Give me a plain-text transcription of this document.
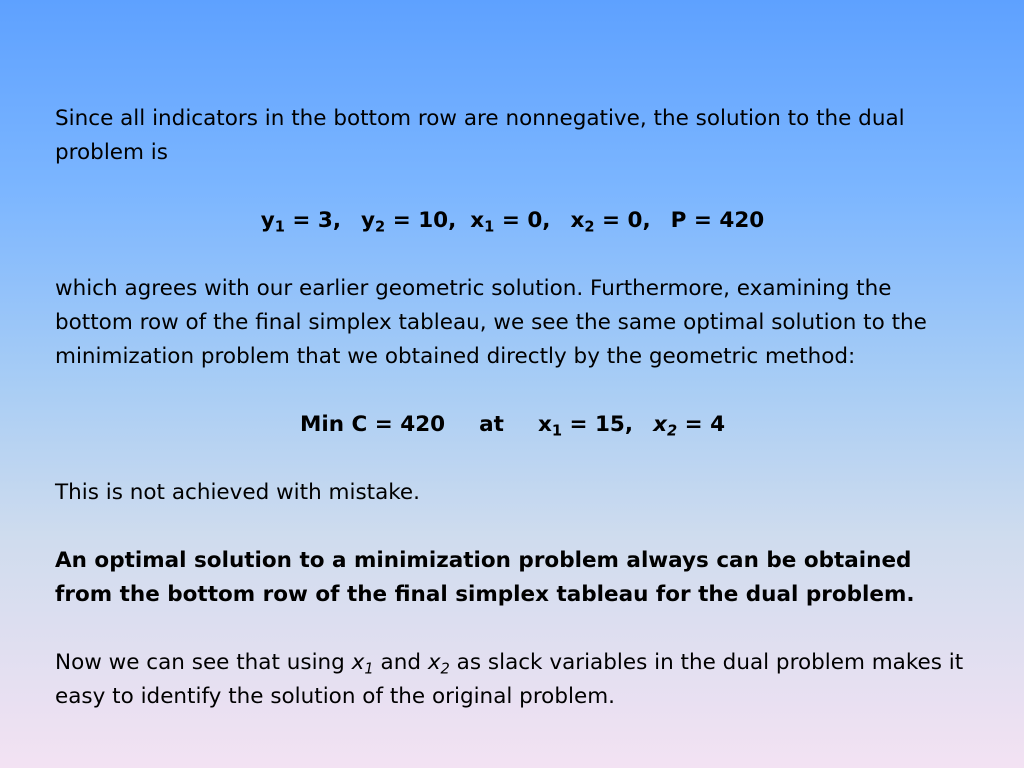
Since all indicators in the bottom row are nonnegative, the solution to the dual problem is

$y_1 = 3$, $y_2 = 10$, $x_1 = 0$, $x_2 = 0$, P = 420

which agrees with our earlier geometric solution. Furthermore, examining the bottom row of the final simplex tableau, we see the same optimal solution to the minimization problem that we obtained directly by the geometric method:

Min C = 420 at $x_1 = 15$, $x_2 = 4$

This is not achieved with mistake.

An optimal solution to a minimization problem always can be obtained from the bottom row of the final simplex tableau for the dual problem.

Now we can see that using $x_1$ and $x_2$ as slack variables in the dual problem makes it easy to identify the solution of the original problem.
